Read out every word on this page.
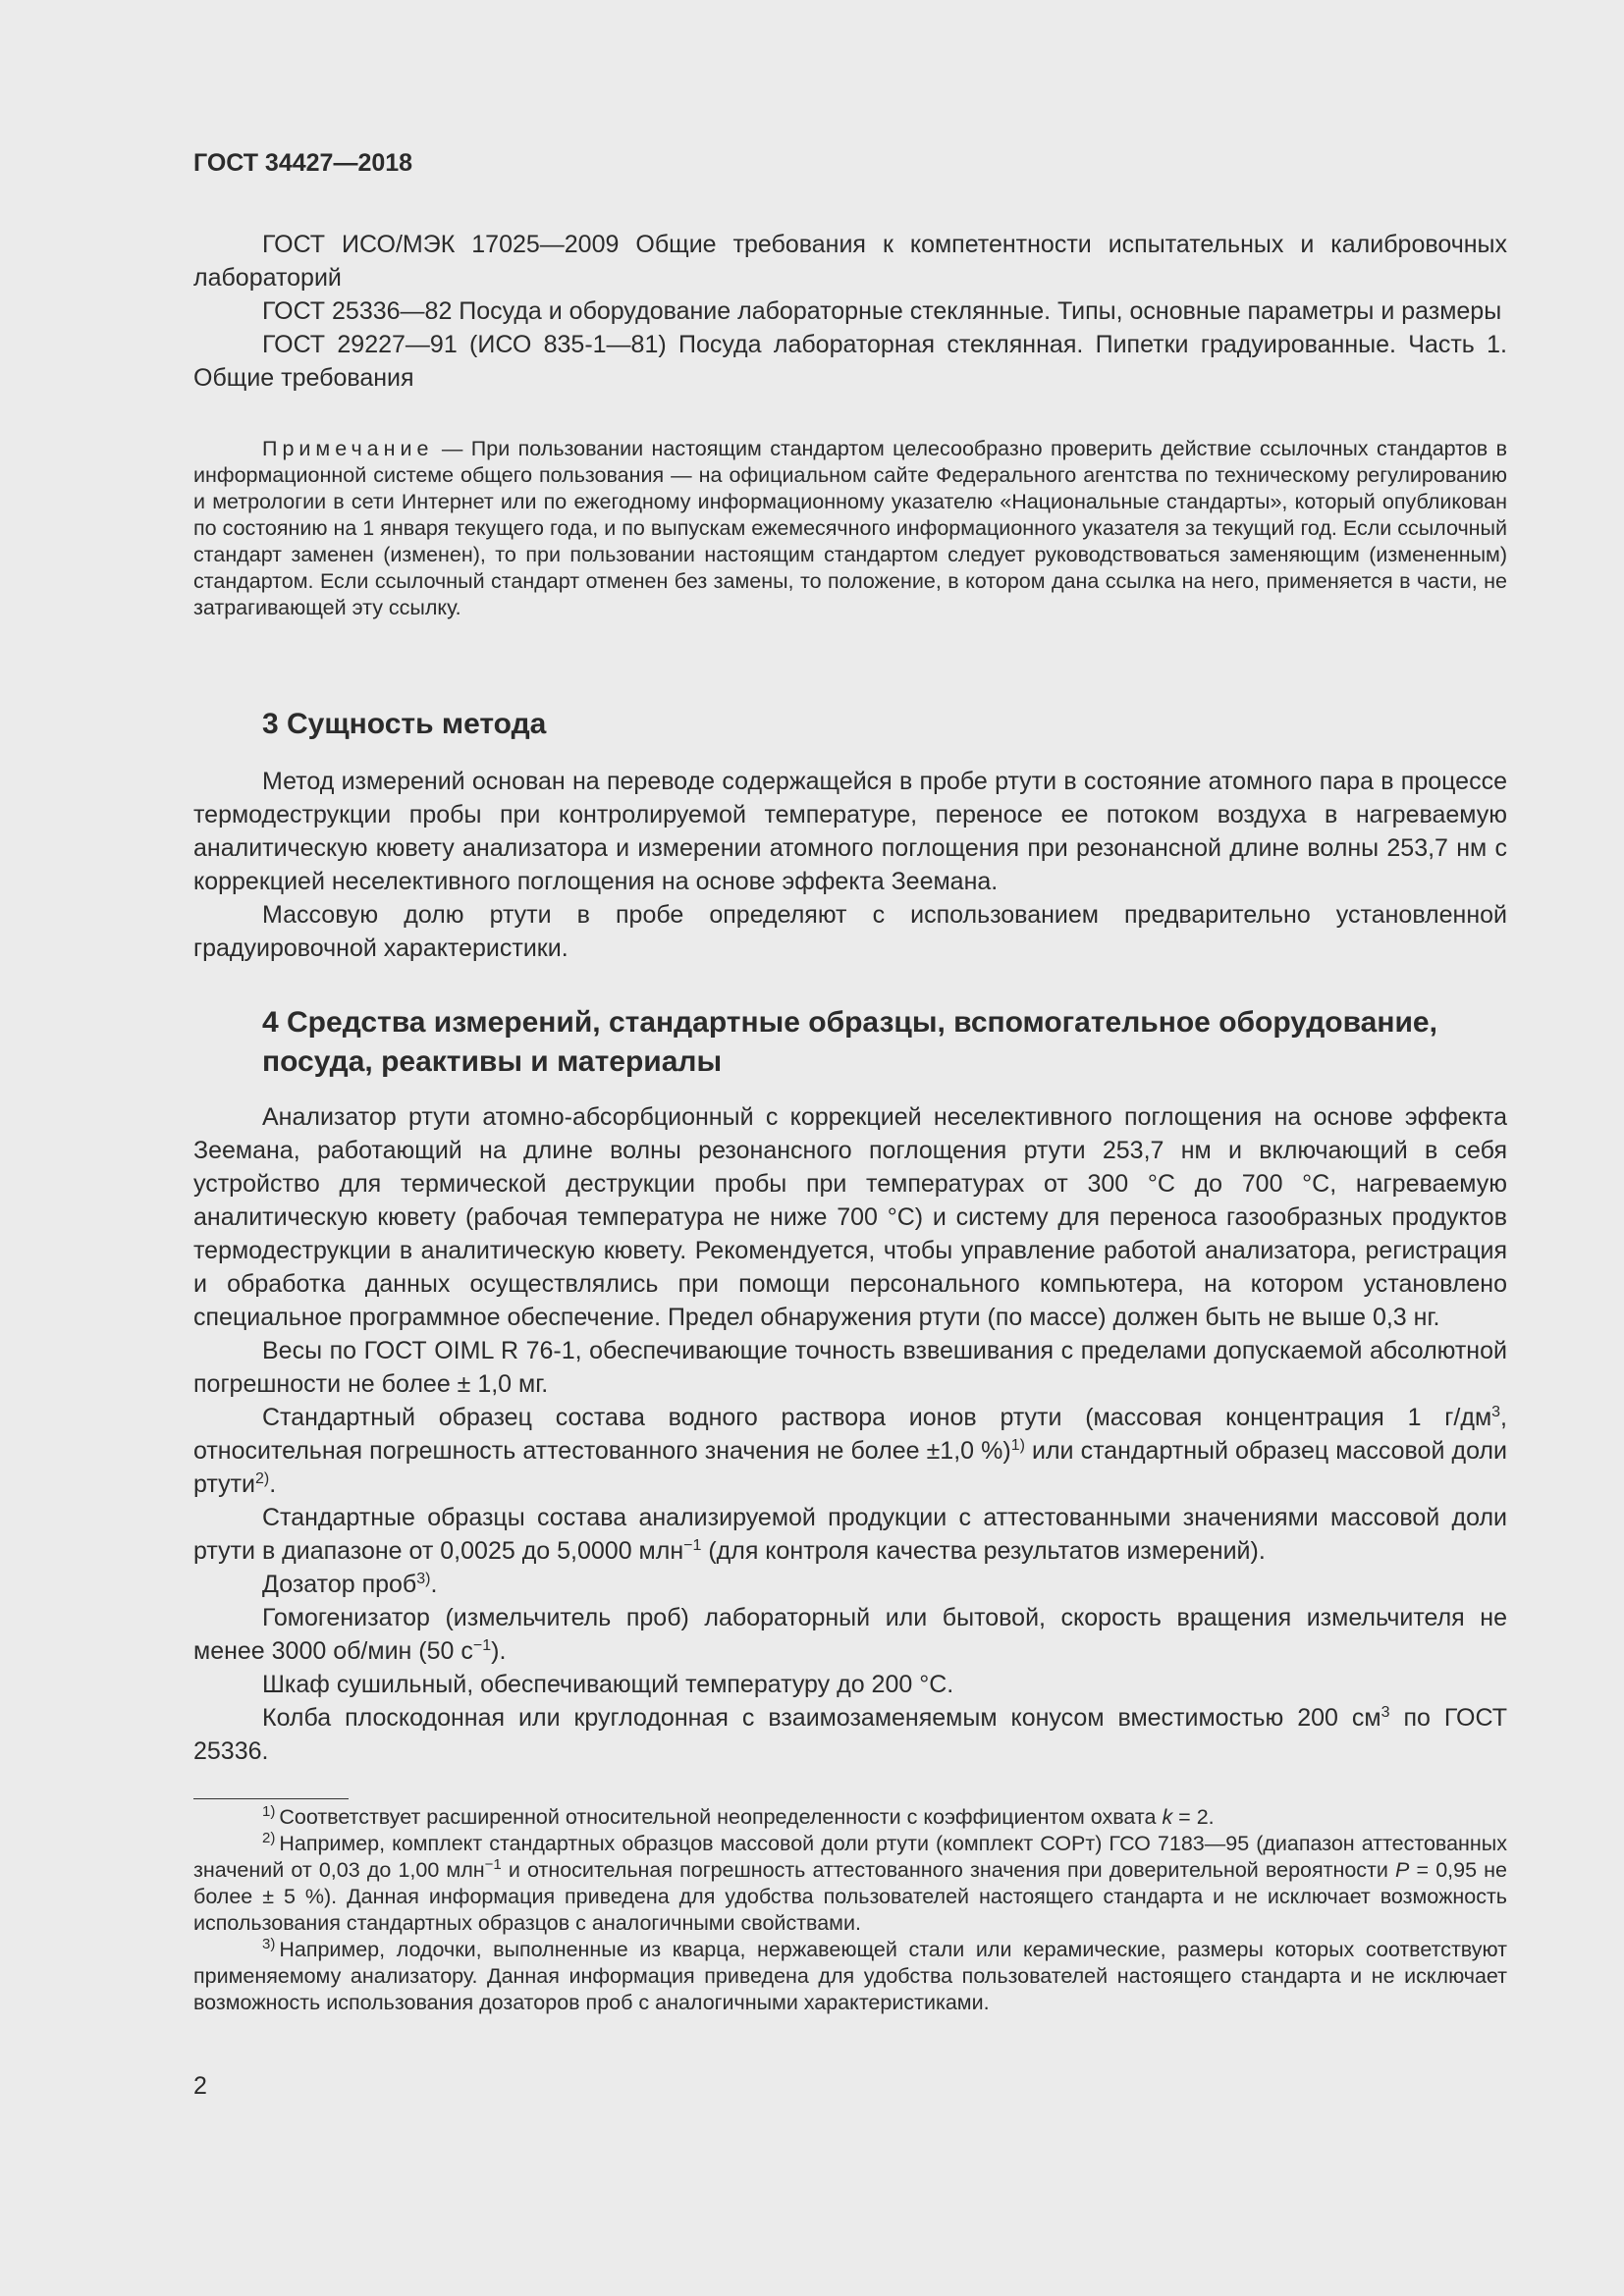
ГОСТ 34427—2018

ГОСТ ИСО/МЭК 17025—2009 Общие требования к компетентности испытательных и калибровочных лабораторий

ГОСТ 25336—82 Посуда и оборудование лабораторные стеклянные. Типы, основные параметры и размеры

ГОСТ 29227—91 (ИСО 835-1—81) Посуда лабораторная стеклянная. Пипетки градуированные. Часть 1. Общие требования

Примечание — При пользовании настоящим стандартом целесообразно проверить действие ссылочных стандартов в информационной системе общего пользования — на официальном сайте Федерального агентства по техническому регулированию и метрологии в сети Интернет или по ежегодному информационному указателю «Национальные стандарты», который опубликован по состоянию на 1 января текущего года, и по выпускам ежемесячного информационного указателя за текущий год. Если ссылочный стандарт заменен (изменен), то при пользовании настоящим стандартом следует руководствоваться заменяющим (измененным) стандартом. Если ссылочный стандарт отменен без замены, то положение, в котором дана ссылка на него, применяется в части, не затрагивающей эту ссылку.

3 Сущность метода

Метод измерений основан на переводе содержащейся в пробе ртути в состояние атомного пара в процессе термодеструкции пробы при контролируемой температуре, переносе ее потоком воздуха в нагреваемую аналитическую кювету анализатора и измерении атомного поглощения при резонансной длине волны 253,7 нм с коррекцией неселективного поглощения на основе эффекта Зеемана.

Массовую долю ртути в пробе определяют с использованием предварительно установленной градуировочной характеристики.

4 Средства измерений, стандартные образцы, вспомогательное оборудование, посуда, реактивы и материалы

Анализатор ртути атомно-абсорбционный с коррекцией неселективного поглощения на основе эффекта Зеемана, работающий на длине волны резонансного поглощения ртути 253,7 нм и включающий в себя устройство для термической деструкции пробы при температурах от 300 °С до 700 °С, нагреваемую аналитическую кювету (рабочая температура не ниже 700 °С) и систему для переноса газообразных продуктов термодеструкции в аналитическую кювету. Рекомендуется, чтобы управление работой анализатора, регистрация и обработка данных осуществлялись при помощи персонального компьютера, на котором установлено специальное программное обеспечение. Предел обнаружения ртути (по массе) должен быть не выше 0,3 нг.

Весы по ГОСТ OIML R 76-1, обеспечивающие точность взвешивания с пределами допускаемой абсолютной погрешности не более ± 1,0 мг.

Стандартный образец состава водного раствора ионов ртути (массовая концентрация 1 $г/дм^3$, относительная погрешность аттестованного значения не более ±1,0 %)$^{1)}$ или стандартный образец массовой доли ртути$^{2)}$.

Стандартные образцы состава анализируемой продукции с аттестованными значениями массовой доли ртути в диапазоне от 0,0025 до 5,0000 млн$^{-1}$ (для контроля качества результатов измерений).

Дозатор проб$^{3)}$.

Гомогенизатор (измельчитель проб) лабораторный или бытовой, скорость вращения измельчителя не менее 3000 об/мин (50 $с^{-1}$).

Шкаф сушильный, обеспечивающий температуру до 200 °С.

Колба плоскодонная или круглодонная с взаимозаменяемым конусом вместимостью 200 $см^3$ по ГОСТ 25336.

$^{1)}$ Соответствует расширенной относительной неопределенности с коэффициентом охвата k = 2.

$^{2)}$ Например, комплект стандартных образцов массовой доли ртути (комплект СОРт) ГСО 7183—95 (диапазон аттестованных значений от 0,03 до 1,00 млн$^{-1}$ и относительная погрешность аттестованного значения при доверительной вероятности P = 0,95 не более ± 5 %). Данная информация приведена для удобства пользователей настоящего стандарта и не исключает возможность использования стандартных образцов с аналогичными свойствами.

$^{3)}$ Например, лодочки, выполненные из кварца, нержавеющей стали или керамические, размеры которых соответствуют применяемому анализатору. Данная информация приведена для удобства пользователей настоящего стандарта и не исключает возможность использования дозаторов проб с аналогичными характеристиками.

2
